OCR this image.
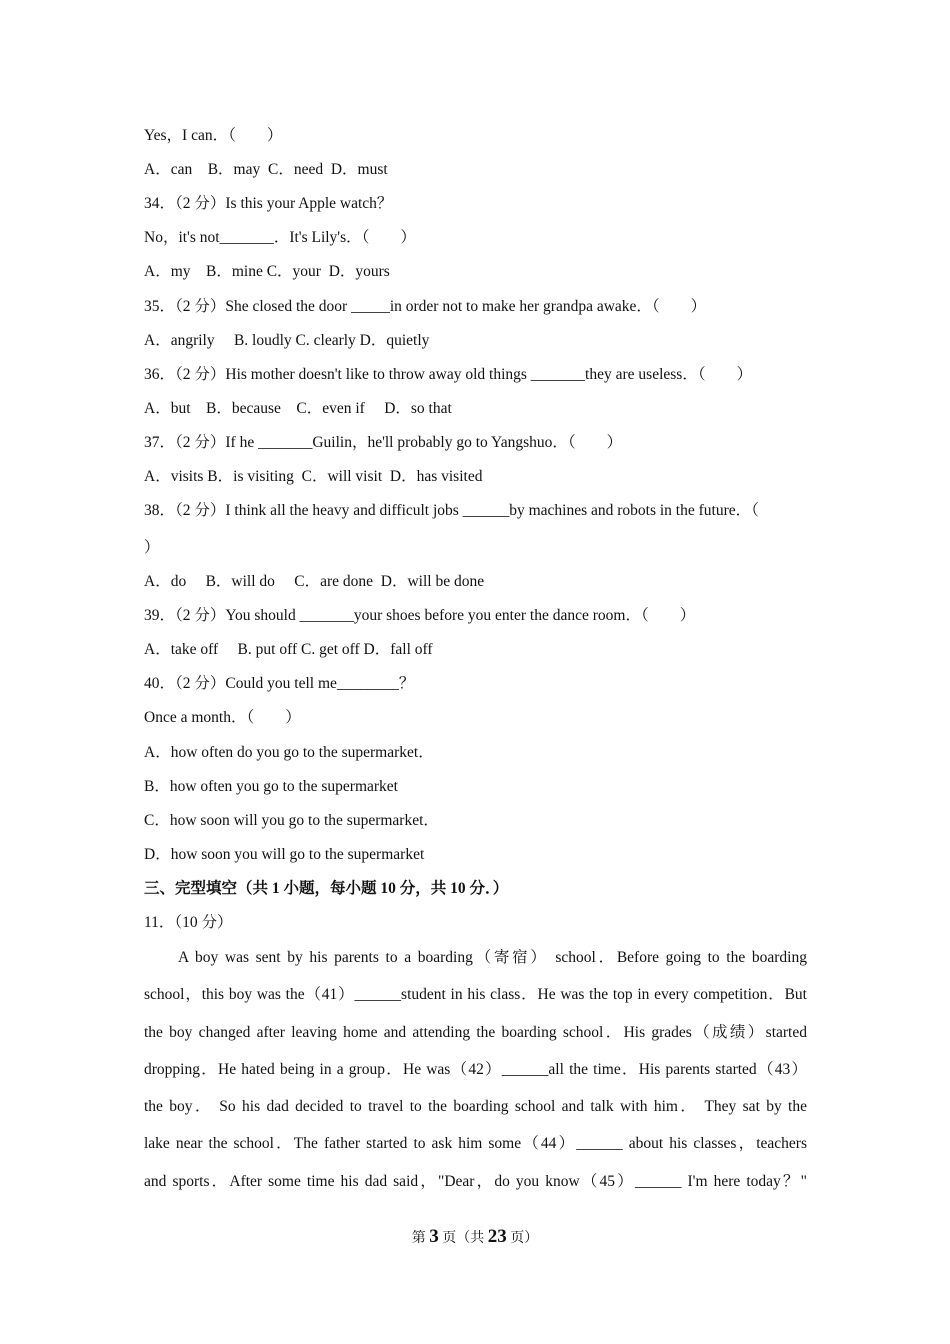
Yes，I can．（　　）
A．can　B．may  C．need  D．must
34．（2 分）Is this your Apple watch？
No，it's not_______．It's Lily's．（　　）
A．my　B．mine C．your  D．yours
35．（2 分）She closed the door _____in order not to make her grandpa awake．（　　）
A．angrily　 B. loudly C. clearly D．quietly
36．（2 分）His mother doesn't like to throw away old things _______they are useless．（　　）
A．but　B．because　C．even if　 D．so that
37．（2 分）If he _______Guilin，he'll probably go to Yangshuo．（　　）
A．visits B．is visiting  C．will visit  D．has visited
38．（2 分）I think all the heavy and difficult jobs ______by machines and robots in the future．（
）
A．do　 B．will do　 C．are done  D．will be done
39．（2 分）You should _______your shoes before you enter the dance room．（　　）
A．take off　 B. put off C. get off D．fall off
40．（2 分）Could you tell me________？
Once a month．（　　）
A．how often do you go to the supermarket．
B．how often you go to the supermarket
C．how soon will you go to the supermarket．
D．how soon you will go to the supermarket
三、完型填空（共 1 小题，每小题 10 分，共 10 分．）
11．（10 分）
A boy was sent by his parents to a boarding（寄宿） school．Before going to the boarding
school，this boy was the（41）______student in his class．He was the top in every competition．But
the boy changed after leaving home and attending the boarding school．His grades（成绩）started
dropping．He hated being in a group．He was（42）______all the time．His parents started（43）
the boy． So his dad decided to travel to the boarding school and talk with him． They sat by the
lake near the school．The father started to ask him some（44）______ about his classes，teachers
and sports．After some time his dad said，"Dear，do you know（45）______ I'm here today？"
第 3 页（共 23 页）
